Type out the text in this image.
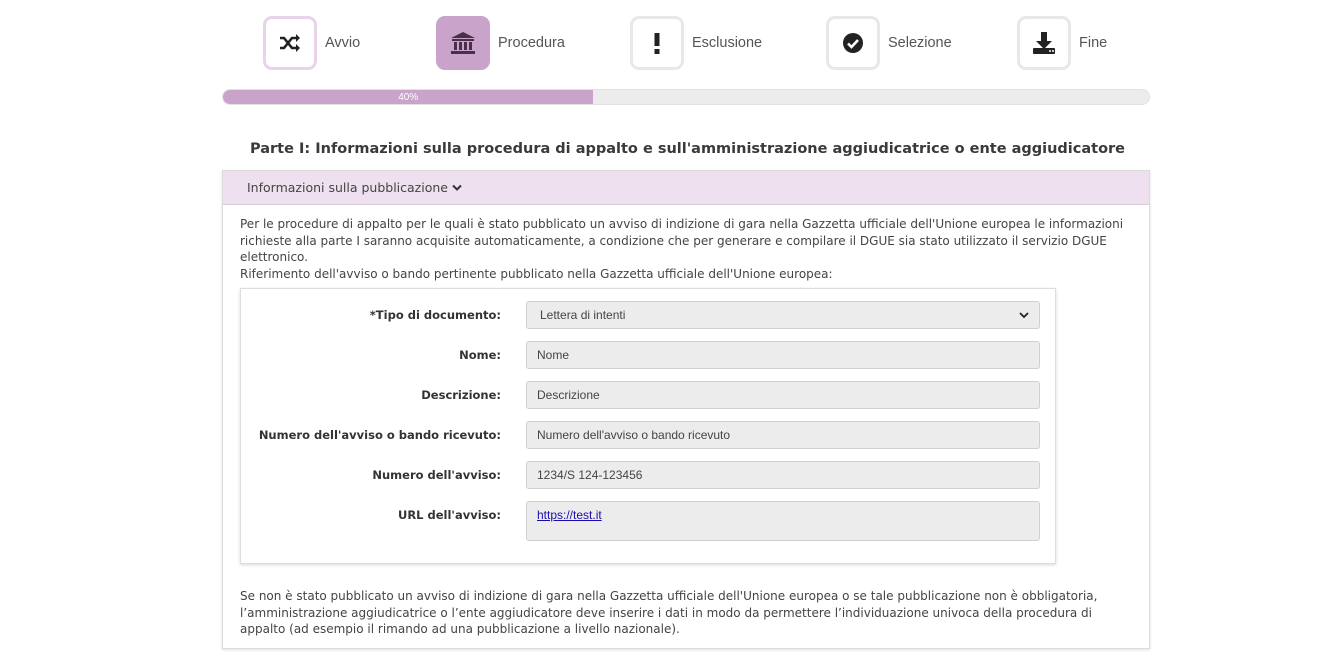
Avvio	Procedura	Esclusione	Selezione	Fine
40%
Parte I: Informazioni sulla procedura di appalto e sull'amministrazione aggiudicatrice o ente aggiudicatore
Informazioni sulla pubblicazione

Per le procedure di appalto per le quali è stato pubblicato un avviso di indizione di gara nella Gazzetta ufficiale dell'Unione europea le informazioni richieste alla parte I saranno acquisite automaticamente, a condizione che per generare e compilare il DGUE sia stato utilizzato il servizio DGUE elettronico.

Riferimento dell'avviso o bando pertinente pubblicato nella Gazzetta ufficiale dell'Unione europea:

*Tipo di documento:	Lettera di intenti
Nome:	Nome
Descrizione:	Descrizione
Numero dell'avviso o bando ricevuto:	Numero dell'avviso o bando ricevuto
Numero dell'avviso:	1234/S 124-123456
URL dell'avviso:	https://test.it
Se non è stato pubblicato un avviso di indizione di gara nella Gazzetta ufficiale dell'Unione europea o se tale pubblicazione non è obbligatoria, l’amministrazione aggiudicatrice o l’ente aggiudicatore deve inserire i dati in modo da permettere l’individuazione univoca della procedura di appalto (ad esempio il rimando ad una pubblicazione a livello nazionale).
